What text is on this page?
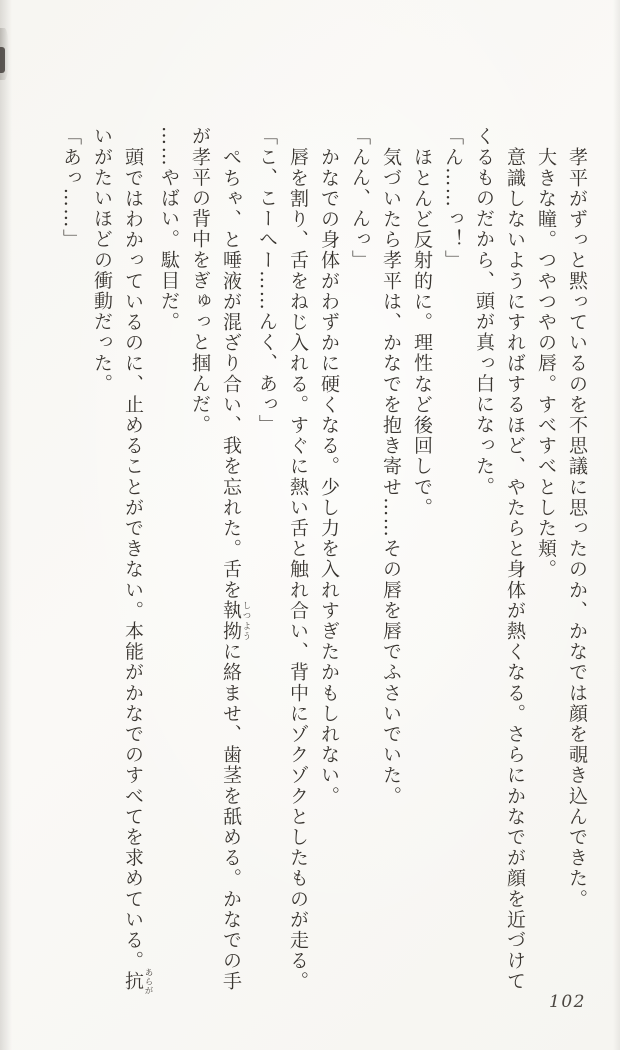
孝平がずっと黙っているのを不思議に思ったのか、かなでは顔を覗き込んできた。

大きな瞳。つやつやの唇。すべすべとした頬。

意識しないようにすればするほど、やたらと身体が熱くなる。さらにかなでが顔を近づけて

くるものだから、頭が真っ白になった。

「ん……っ！」

ほとんど反射的に。理性など後回しで。

気づいたら孝平は、かなでを抱き寄せ……その唇を唇でふさいでいた。

「んん、んっ」

かなでの身体がわずかに硬くなる。少し力を入れすぎたかもしれない。

唇を割り、舌をねじ入れる。すぐに熱い舌と触れ合い、背中にゾクゾクとしたものが走る。

「こ、こーへー……んく、あっ」

ぺちゃ、と唾液が混ざり合い、我を忘れた。舌を執拗 しつように絡ませ、歯茎を舐める。かなでの手

が孝平の背中をぎゅっと掴んだ。

……やばい。駄目だ。

頭ではわかっているのに、止めることができない。本能がかなでのすべてを求めている。抗 あらが

いがたいほどの衝動だった。

「あっ……」

102
